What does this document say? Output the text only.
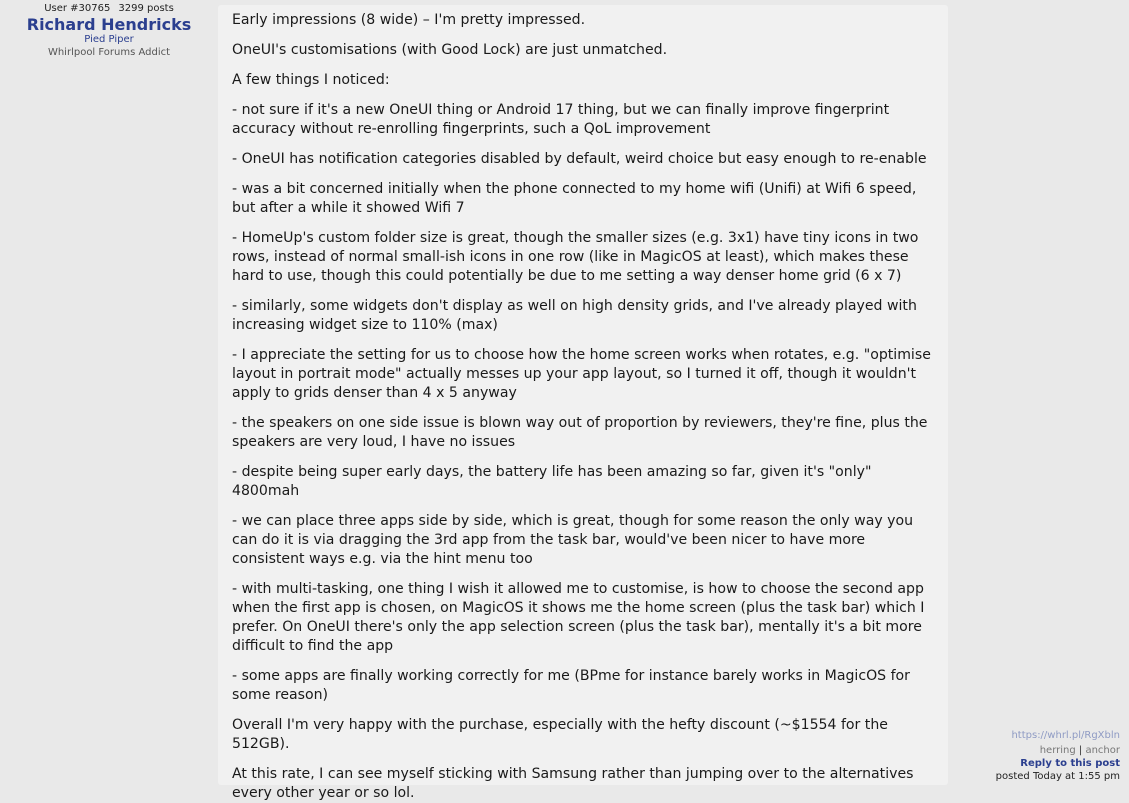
User #30765 3299 posts
Richard Hendricks
Pied Piper
Whirlpool Forums Addict

Early impressions (8 wide) – I'm pretty impressed.

OneUI's customisations (with Good Lock) are just unmatched.

A few things I noticed:

- not sure if it's a new OneUI thing or Android 17 thing, but we can finally improve fingerprint accuracy without re-enrolling fingerprints, such a QoL improvement

- OneUI has notification categories disabled by default, weird choice but easy enough to re-enable

- was a bit concerned initially when the phone connected to my home wifi (Unifi) at Wifi 6 speed, but after a while it showed Wifi 7

- HomeUp's custom folder size is great, though the smaller sizes (e.g. 3x1) have tiny icons in two rows, instead of normal small-ish icons in one row (like in MagicOS at least), which makes these hard to use, though this could potentially be due to me setting a way denser home grid (6 x 7)

- similarly, some widgets don't display as well on high density grids, and I've already played with increasing widget size to 110% (max)

- I appreciate the setting for us to choose how the home screen works when rotates, e.g. "optimise layout in portrait mode" actually messes up your app layout, so I turned it off, though it wouldn't apply to grids denser than 4 x 5 anyway

- the speakers on one side issue is blown way out of proportion by reviewers, they're fine, plus the speakers are very loud, I have no issues

- despite being super early days, the battery life has been amazing so far, given it's "only" 4800mah

- we can place three apps side by side, which is great, though for some reason the only way you can do it is via dragging the 3rd app from the task bar, would've been nicer to have more consistent ways e.g. via the hint menu too

- with multi-tasking, one thing I wish it allowed me to customise, is how to choose the second app when the first app is chosen, on MagicOS it shows me the home screen (plus the task bar) which I prefer. On OneUI there's only the app selection screen (plus the task bar), mentally it's a bit more difficult to find the app

- some apps are finally working correctly for me (BPme for instance barely works in MagicOS for some reason)

Overall I'm very happy with the purchase, especially with the hefty discount (~$1554 for the 512GB).

At this rate, I can see myself sticking with Samsung rather than jumping over to the alternatives every other year or so lol.

https://whrl.pl/RgXbln
herring | anchor
Reply to this post
posted Today at 1:55 pm
